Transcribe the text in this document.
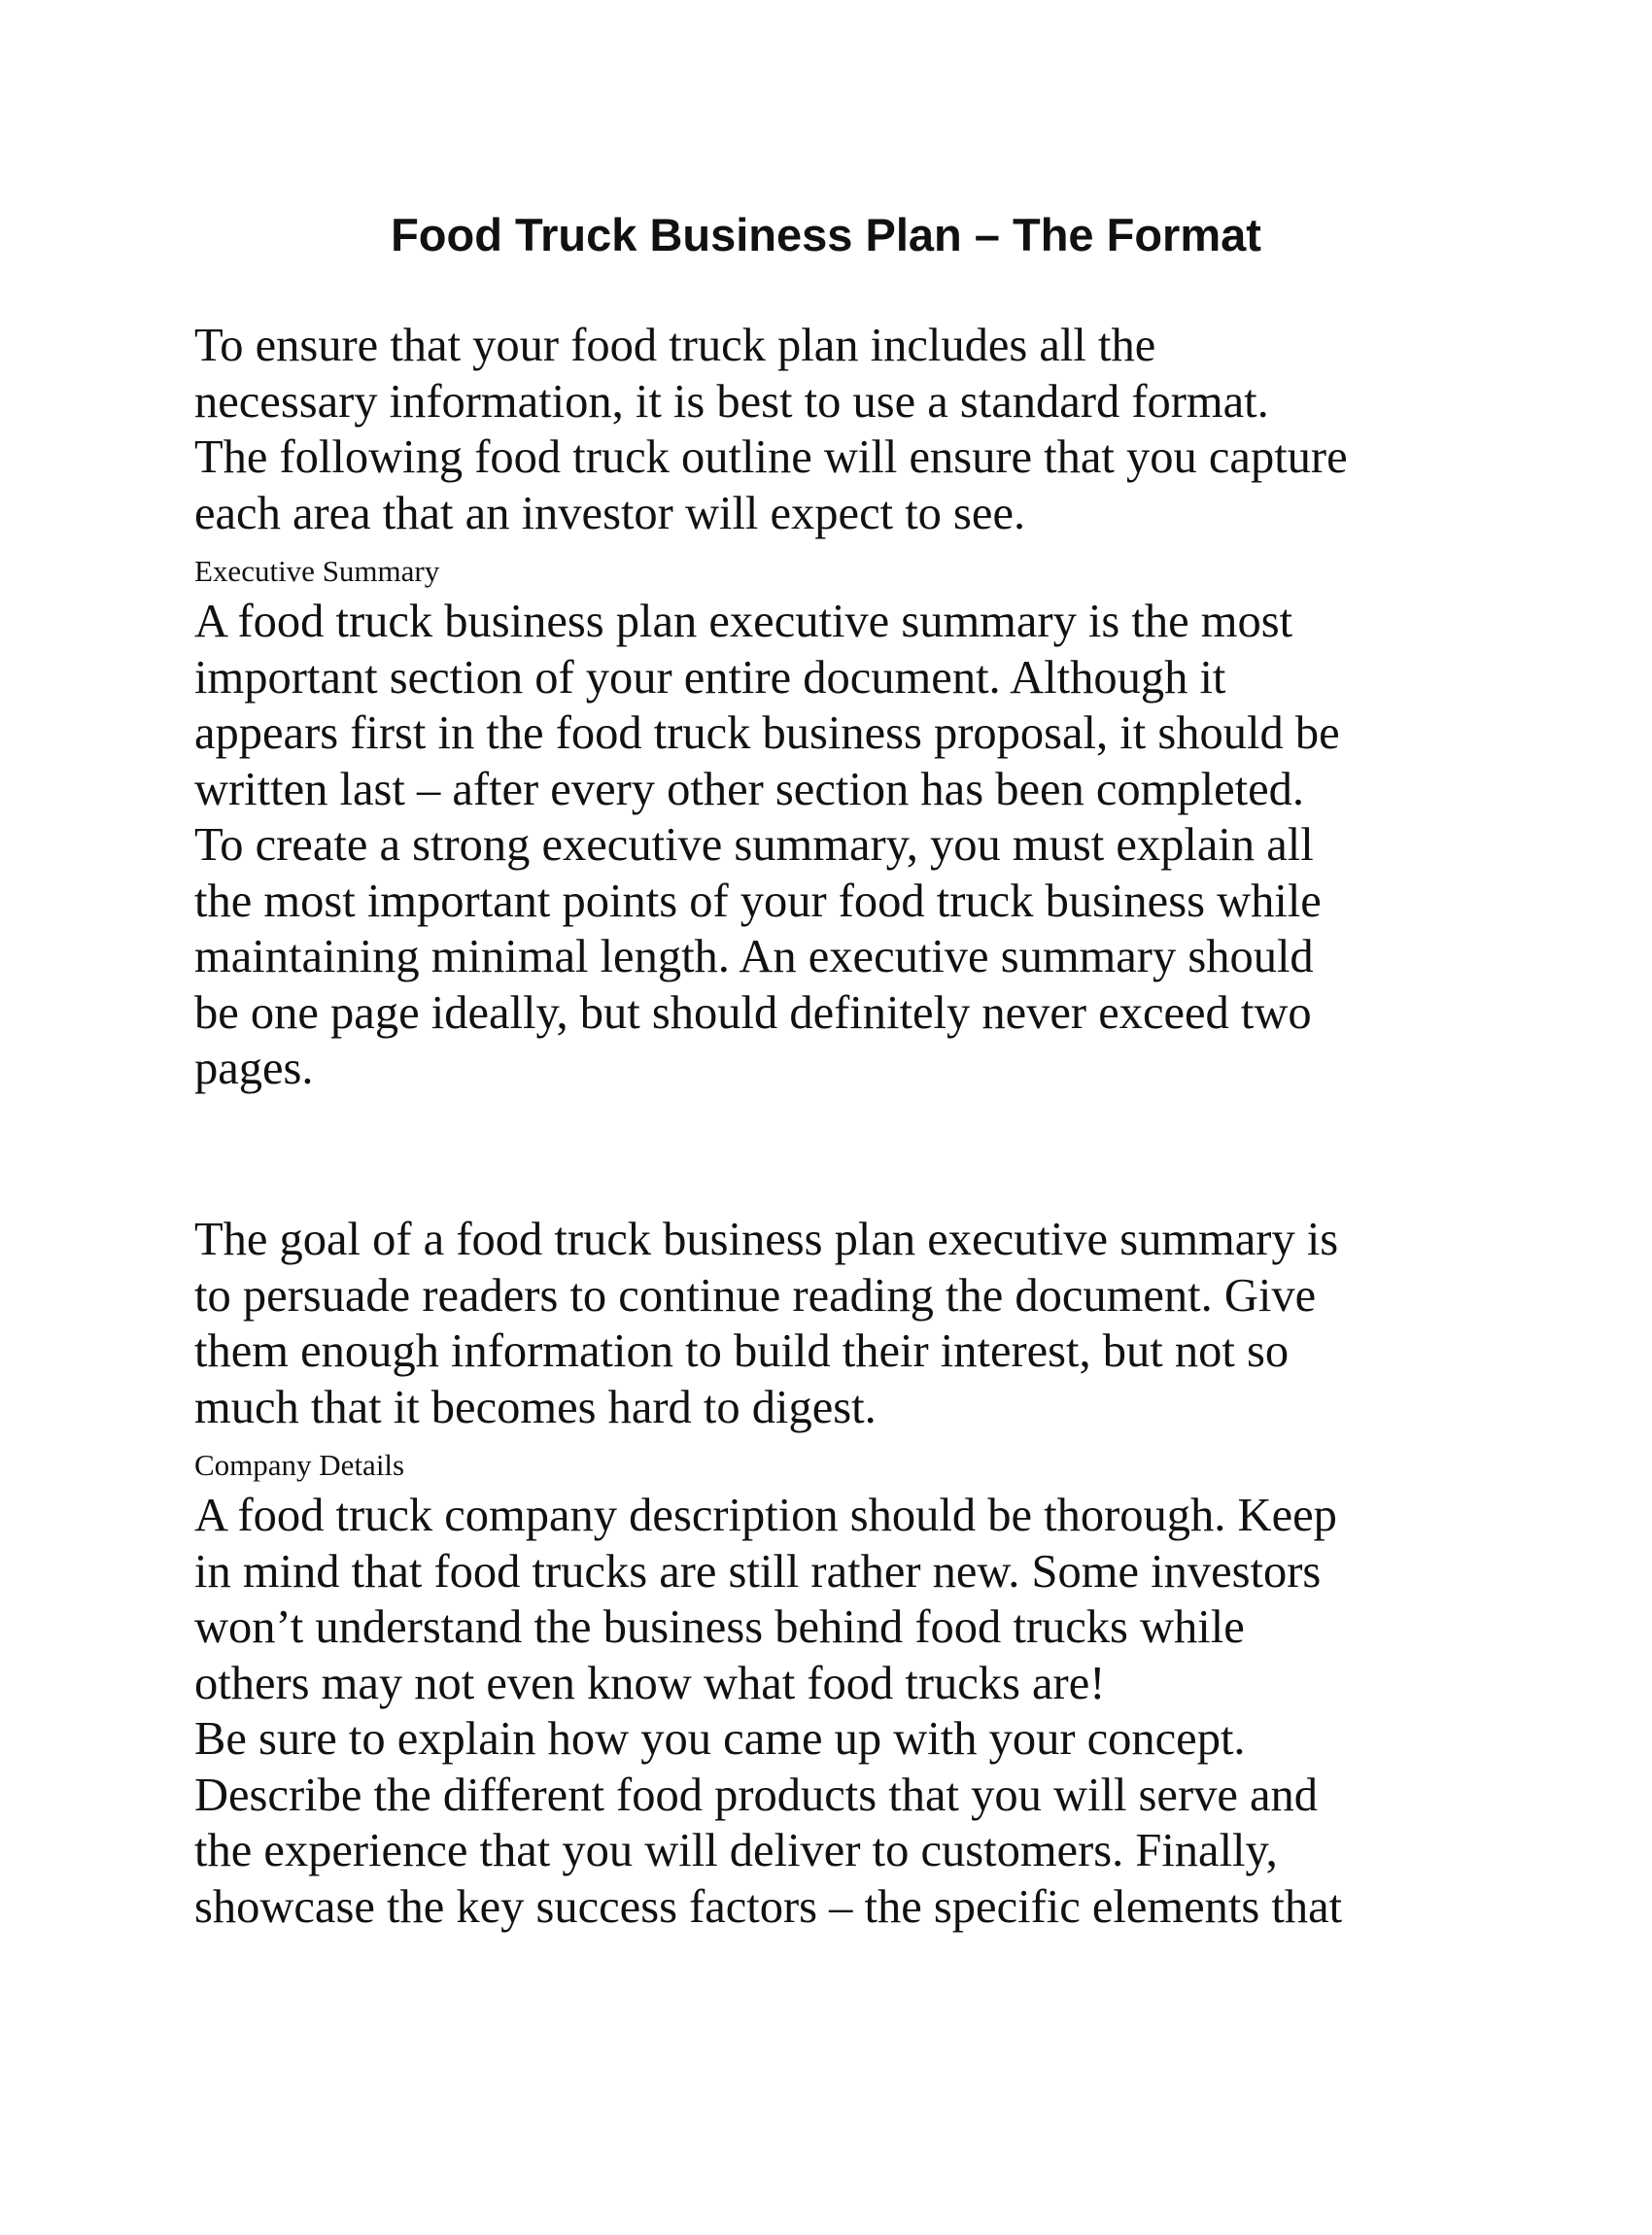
Food Truck Business Plan – The Format

To ensure that your food truck plan includes all the
necessary information, it is best to use a standard format.
The following food truck outline will ensure that you capture
each area that an investor will expect to see.

Executive Summary

A food truck business plan executive summary is the most
important section of your entire document. Although it
appears first in the food truck business proposal, it should be
written last – after every other section has been completed.
To create a strong executive summary, you must explain all
the most important points of your food truck business while
maintaining minimal length. An executive summary should
be one page ideally, but should definitely never exceed two
pages.

The goal of a food truck business plan executive summary is
to persuade readers to continue reading the document. Give
them enough information to build their interest, but not so
much that it becomes hard to digest.

Company Details

A food truck company description should be thorough. Keep
in mind that food trucks are still rather new. Some investors
won’t understand the business behind food trucks while
others may not even know what food trucks are!

Be sure to explain how you came up with your concept.
Describe the different food products that you will serve and
the experience that you will deliver to customers. Finally,
showcase the key success factors – the specific elements that
